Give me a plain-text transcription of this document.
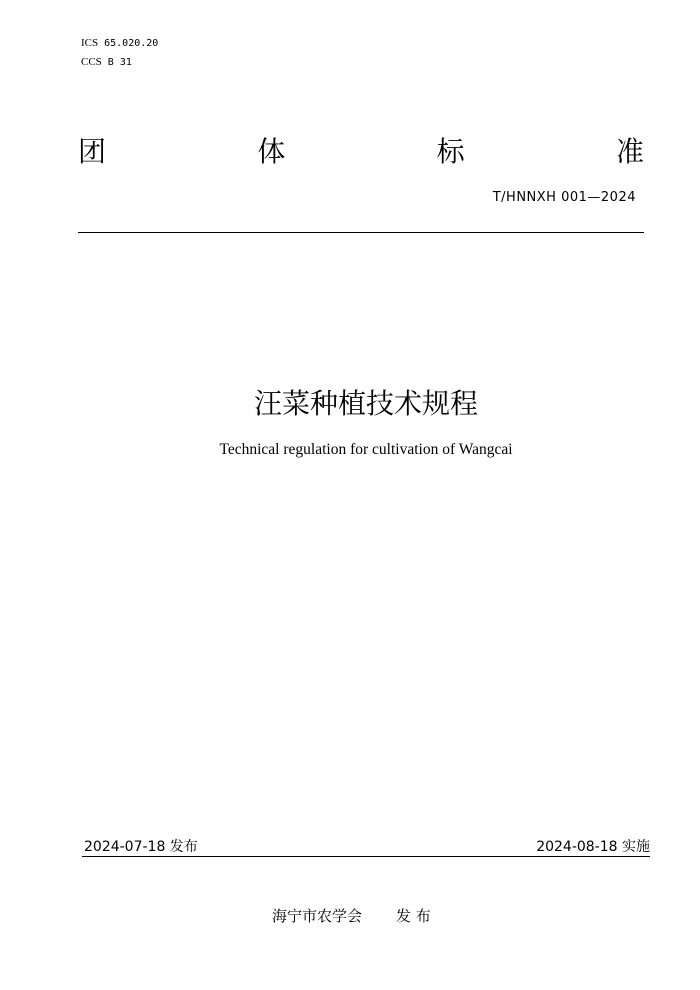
ICS 65.020.20
CCS B 31
团	体	标	准
T/HNNXH 001—2024
汪菜种植技术规程
Technical regulation for cultivation of Wangcai
2024-07-18 发布	2024-08-18 实施
海宁市农学会 发 布
